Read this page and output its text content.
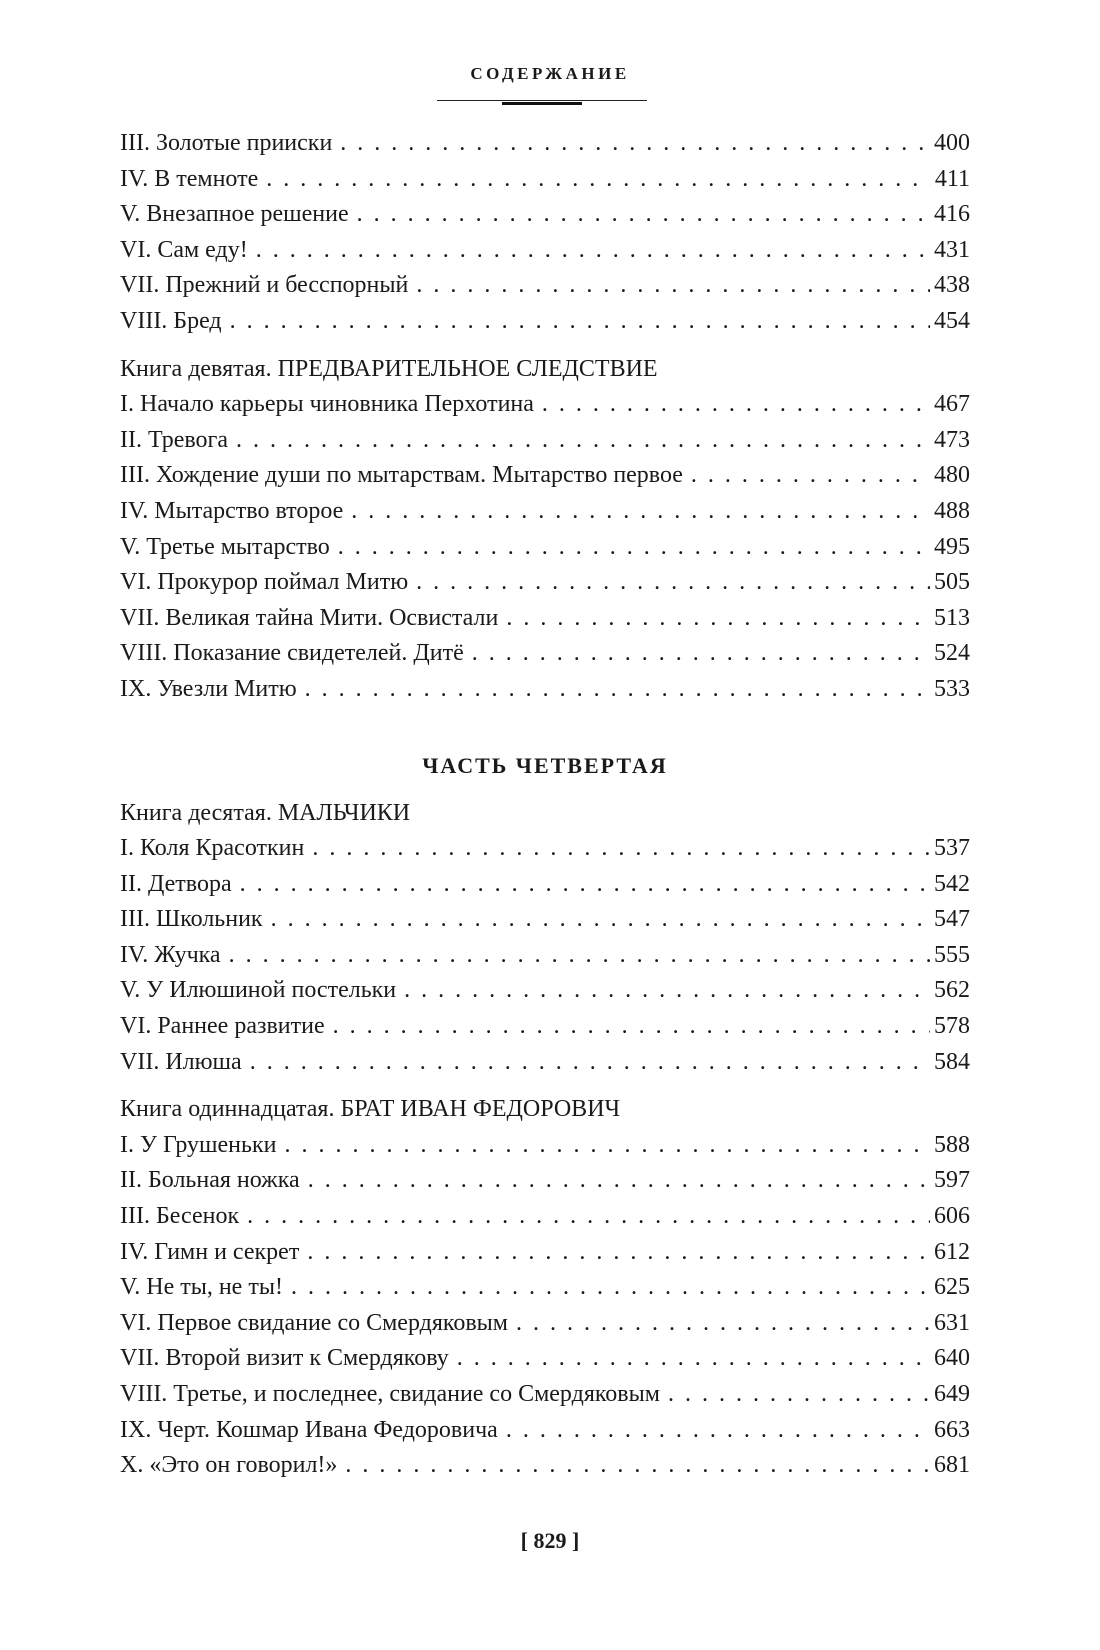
СОДЕРЖАНИЕ
III. Золотые прииски . . .	400
IV. В темноте . . .	411
V. Внезапное решение . . .	416
VI. Сам еду! . . .	431
VII. Прежний и бесспорный . . .	438
VIII. Бред . . .	454
Книга девятая. ПРЕДВАРИТЕЛЬНОЕ СЛЕДСТВИЕ
I. Начало карьеры чиновника Перхотина . . .	467
II. Тревога . . .	473
III. Хождение души по мытарствам. Мытарство первое . . .	480
IV. Мытарство второе . . .	488
V. Третье мытарство . . .	495
VI. Прокурор поймал Митю . . .	505
VII. Великая тайна Мити. Освистали . . .	513
VIII. Показание свидетелей. Дитё . . .	524
IX. Увезли Митю . . .	533
ЧАСТЬ ЧЕТВЕРТАЯ
Книга десятая. МАЛЬЧИКИ
I. Коля Красоткин . . .	537
II. Детвора . . .	542
III. Школьник . . .	547
IV. Жучка . . .	555
V. У Илюшиной постельки . . .	562
VI. Раннее развитие . . .	578
VII. Илюша . . .	584
Книга одиннадцатая. БРАТ ИВАН ФЕДОРОВИЧ
I. У Грушеньки . . .	588
II. Больная ножка . . .	597
III. Бесенок . . .	606
IV. Гимн и секрет . . .	612
V. Не ты, не ты! . . .	625
VI. Первое свидание со Смердяковым . . .	631
VII. Второй визит к Смердякову . . .	640
VIII. Третье, и последнее, свидание со Смердяковым . . .	649
IX. Черт. Кошмар Ивана Федоровича . . .	663
X. «Это он говорил!» . . .	681
[ 829 ]
